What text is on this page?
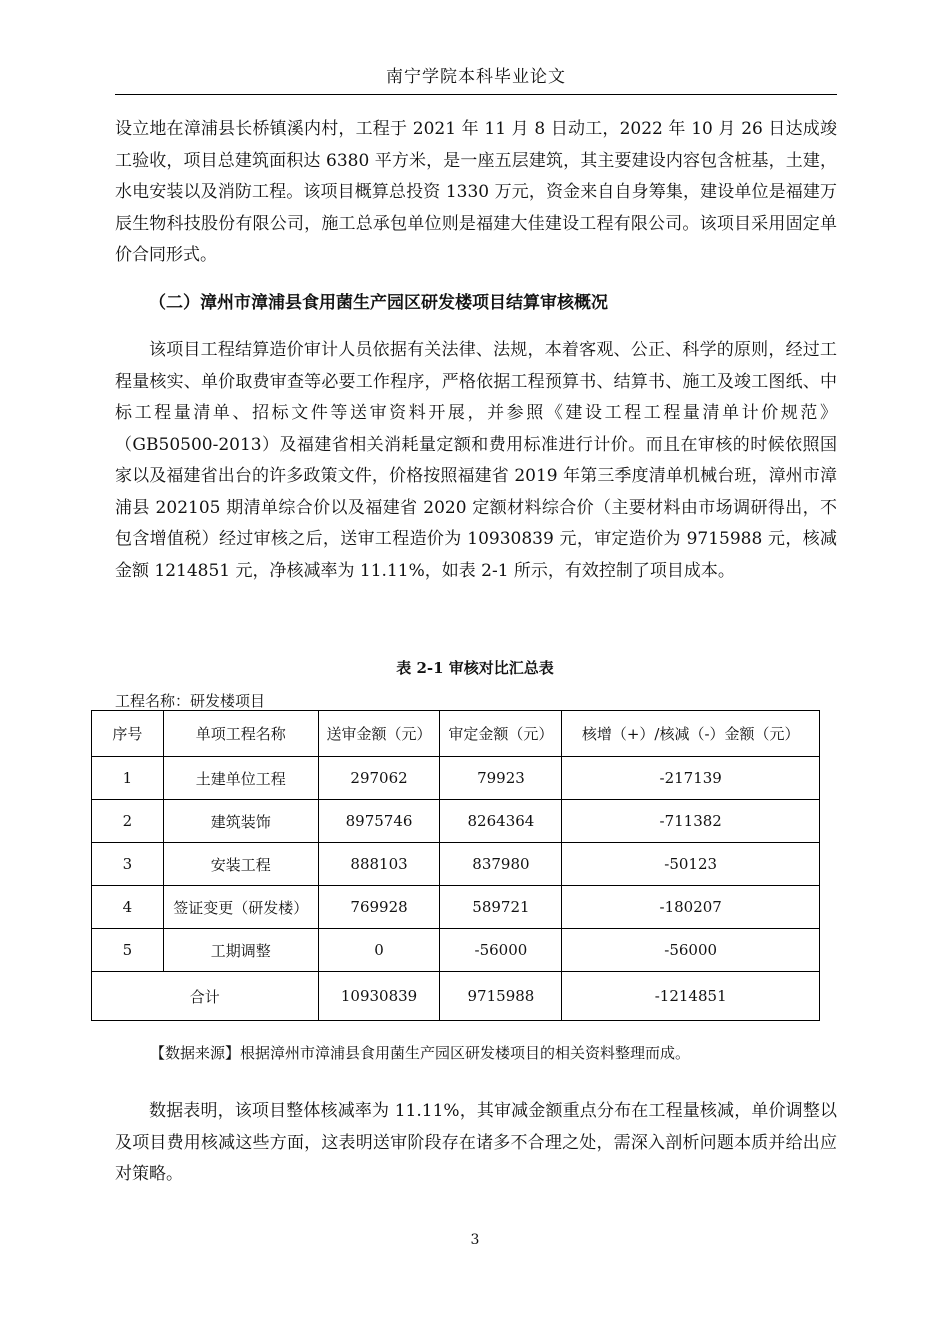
南宁学院本科毕业论文

设立地在漳浦县长桥镇溪内村，工程于 2021 年 11 月 8 日动工，2022 年 10 月 26 日达成竣工验收，项目总建筑面积达 6380 平方米，是一座五层建筑，其主要建设内容包含桩基，土建，水电安装以及消防工程。该项目概算总投资 1330 万元，资金来自自身筹集，建设单位是福建万辰生物科技股份有限公司，施工总承包单位则是福建大佳建设工程有限公司。该项目采用固定单价合同形式。

（二）漳州市漳浦县食用菌生产园区研发楼项目结算审核概况

该项目工程结算造价审计人员依据有关法律、法规，本着客观、公正、科学的原则，经过工程量核实、单价取费审查等必要工作程序，严格依据工程预算书、结算书、施工及竣工图纸、中标工程量清单、招标文件等送审资料开展，并参照《建设工程工程量清单计价规范》（GB50500-2013）及福建省相关消耗量定额和费用标准进行计价。而且在审核的时候依照国家以及福建省出台的许多政策文件，价格按照福建省 2019 年第三季度清单机械台班，漳州市漳浦县 202105 期清单综合价以及福建省 2020 定额材料综合价（主要材料由市场调研得出，不包含增值税）经过审核之后，送审工程造价为 10930839 元，审定造价为 9715988 元，核减金额 1214851 元，净核减率为 11.11%，如表 2-1 所示，有效控制了项目成本。

表 2-1 审核对比汇总表
工程名称：研发楼项目
序号	单项工程名称	送审金额（元）	审定金额（元）	核增（+）/核减（-）金额（元）
1	土建单位工程	297062	79923	-217139
2	建筑装饰	8975746	8264364	-711382
3	安装工程	888103	837980	-50123
4	签证变更（研发楼）	769928	589721	-180207
5	工期调整	0	-56000	-56000
合计		10930839	9715988	-1214851
【数据来源】根据漳州市漳浦县食用菌生产园区研发楼项目的相关资料整理而成。

数据表明，该项目整体核减率为 11.11%，其审减金额重点分布在工程量核减，单价调整以及项目费用核减这些方面，这表明送审阶段存在诸多不合理之处，需深入剖析问题本质并给出应对策略。

3
